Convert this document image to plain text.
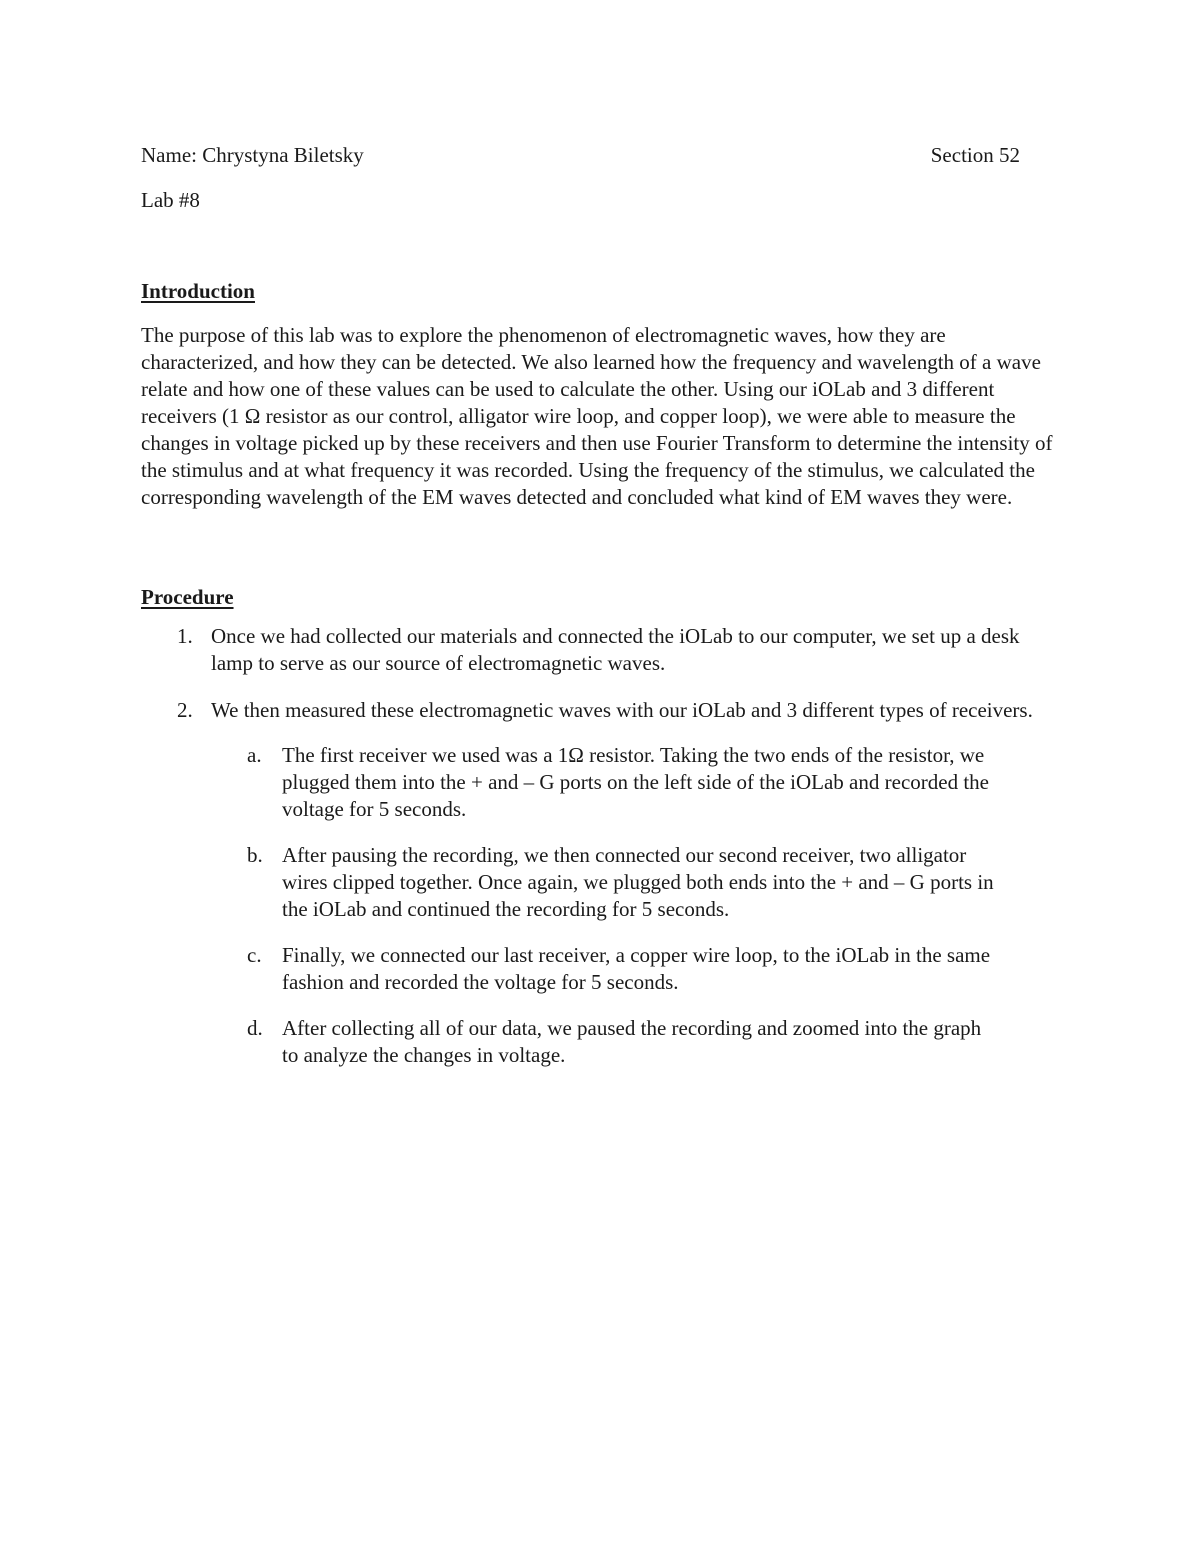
Name: Chrystyna Biletsky	Section 52
Lab #8
Introduction

The purpose of this lab was to explore the phenomenon of electromagnetic waves, how they are characterized, and how they can be detected. We also learned how the frequency and wavelength of a wave relate and how one of these values can be used to calculate the other. Using our iOLab and 3 different receivers (1 Ω resistor as our control, alligator wire loop, and copper loop), we were able to measure the changes in voltage picked up by these receivers and then use Fourier Transform to determine the intensity of the stimulus and at what frequency it was recorded. Using the frequency of the stimulus, we calculated the corresponding wavelength of the EM waves detected and concluded what kind of EM waves they were.

Procedure
1. Once we had collected our materials and connected the iOLab to our computer, we set up a desk lamp to serve as our source of electromagnetic waves.
2. We then measured these electromagnetic waves with our iOLab and 3 different types of receivers.
a. The first receiver we used was a 1Ω resistor. Taking the two ends of the resistor, we plugged them into the + and – G ports on the left side of the iOLab and recorded the voltage for 5 seconds.
b. After pausing the recording, we then connected our second receiver, two alligator wires clipped together. Once again, we plugged both ends into the + and – G ports in the iOLab and continued the recording for 5 seconds.
c. Finally, we connected our last receiver, a copper wire loop, to the iOLab in the same fashion and recorded the voltage for 5 seconds.
d. After collecting all of our data, we paused the recording and zoomed into the graph to analyze the changes in voltage.
